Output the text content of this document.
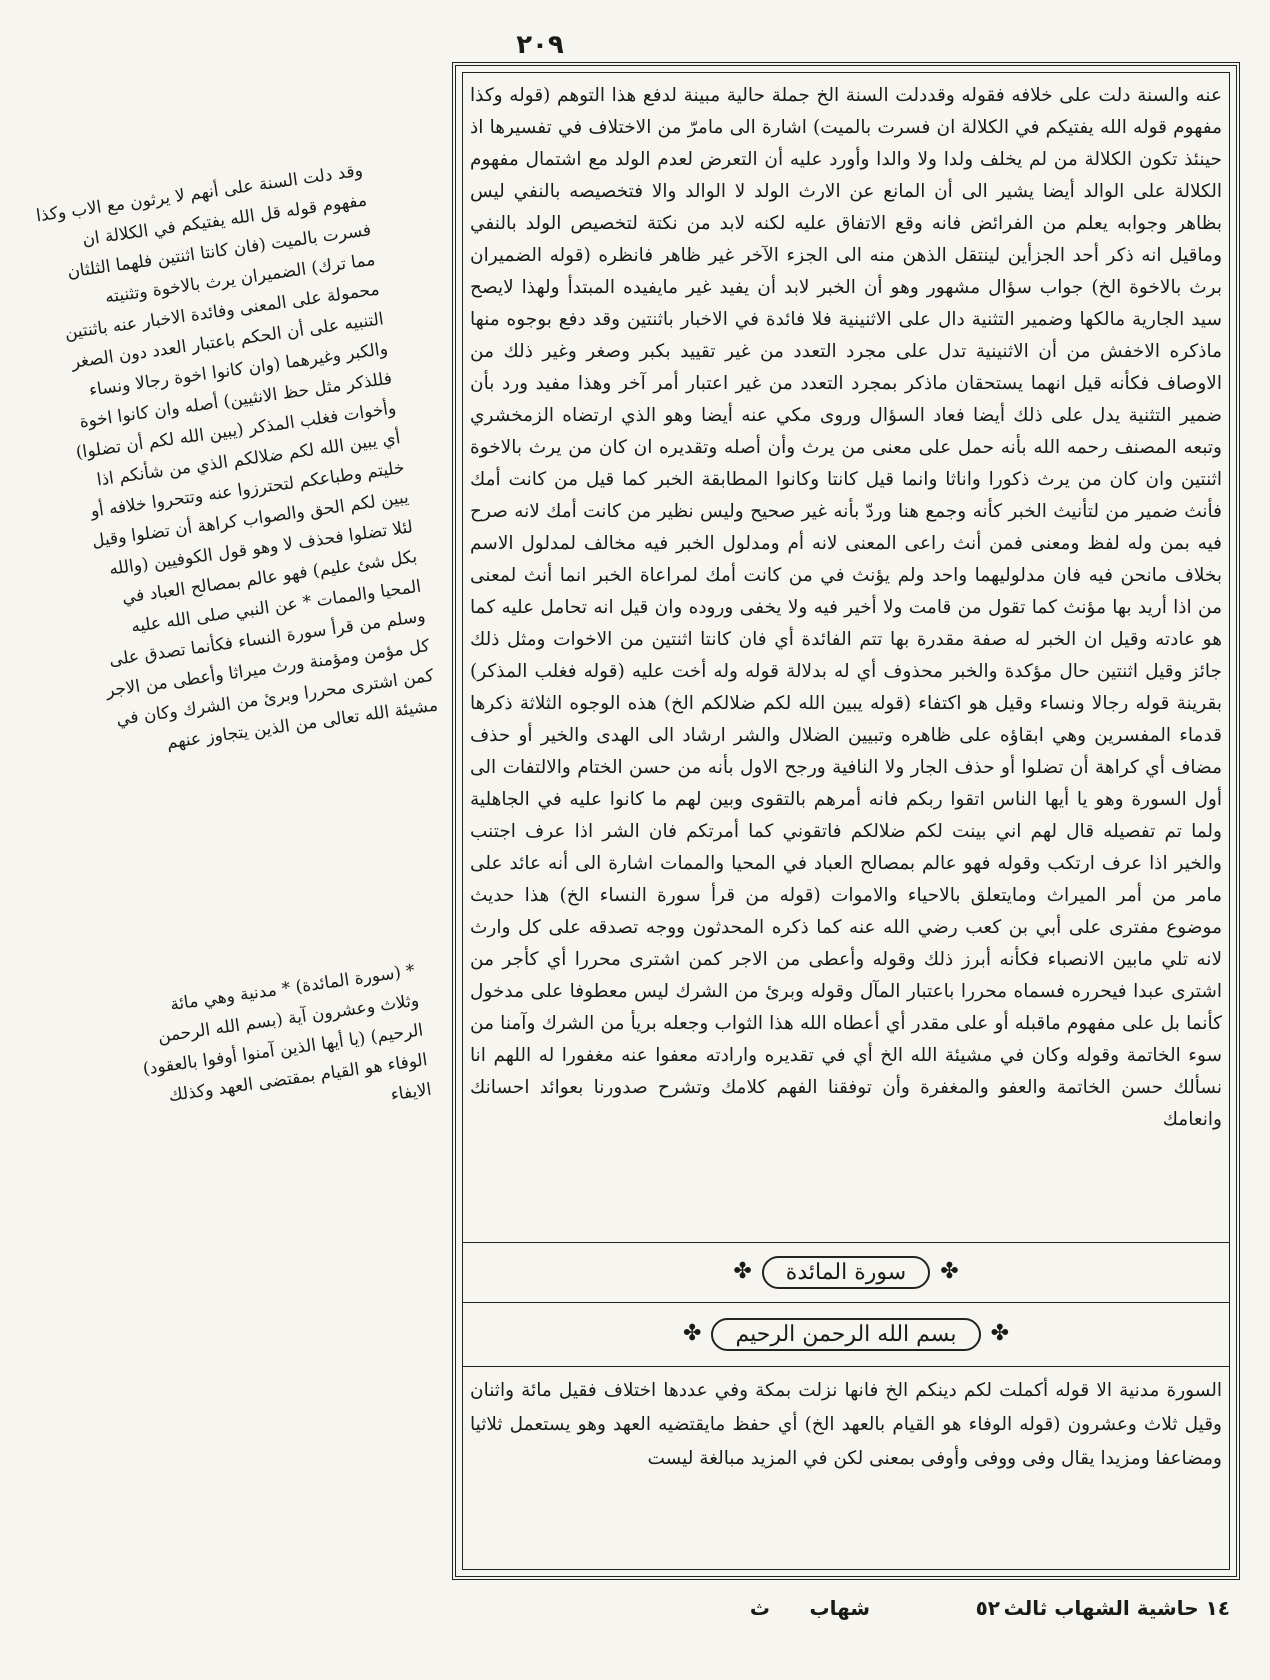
٢٠٩

عنه والسنة دلت على خلافه فقوله وقددلت السنة الخ جملة حالية مبينة لدفع هذا التوهم (قوله وكذا مفهوم قوله الله يفتيكم في الكلالة ان فسرت بالميت) اشارة الى مامرّ من الاختلاف في تفسيرها اذ حينئذ تكون الكلالة من لم يخلف ولدا ولا والدا وأورد عليه أن التعرض لعدم الولد مع اشتمال مفهوم الكلالة على الوالد أيضا يشير الى أن المانع عن الارث الولد لا الوالد والا فتخصيصه بالنفي ليس بظاهر وجوابه يعلم من الفرائض فانه وقع الاتفاق عليه لكنه لابد من نكتة لتخصيص الولد بالنفي وماقيل انه ذكر أحد الجزأين لينتقل الذهن منه الى الجزء الآخر غير ظاهر فانظره (قوله الضميران برث بالاخوة الخ) جواب سؤال مشهور وهو أن الخبر لابد أن يفيد غير مايفيده المبتدأ ولهذا لايصح سيد الجارية مالكها وضمير التثنية دال على الاثنينية فلا فائدة في الاخبار باثنتين وقد دفع بوجوه منها ماذكره الاخفش من أن الاثنينية تدل على مجرد التعدد من غير تقييد بكبر وصغر وغير ذلك من الاوصاف فكأنه قيل انهما يستحقان ماذكر بمجرد التعدد من غير اعتبار أمر آخر وهذا مفيد ورد بأن ضمير التثنية يدل على ذلك أيضا فعاد السؤال وروى مكي عنه أيضا وهو الذي ارتضاه الزمخشري وتبعه المصنف رحمه الله بأنه حمل على معنى من يرث وأن أصله وتقديره ان كان من يرث بالاخوة اثنتين وان كان من يرث ذكورا واناثا وانما قيل كانتا وكانوا المطابقة الخبر كما قيل من كانت أمك فأنث ضمير من لتأنيث الخبر كأنه وجمع هنا وردّ بأنه غير صحيح وليس نظير من كانت أمك لانه صرح فيه بمن وله لفظ ومعنى فمن أنث راعى المعنى لانه أم ومدلول الخبر فيه مخالف لمدلول الاسم بخلاف مانحن فيه فان مدلوليهما واحد ولم يؤنث في من كانت أمك لمراعاة الخبر انما أنث لمعنى من اذا أريد بها مؤنث كما تقول من قامت ولا أخير فيه ولا يخفى وروده وان قيل انه تحامل عليه كما هو عادته وقيل ان الخبر له صفة مقدرة بها تتم الفائدة أي فان كانتا اثنتين من الاخوات ومثل ذلك جائز وقيل اثنتين حال مؤكدة والخبر محذوف أي له بدلالة قوله وله أخت عليه (قوله فغلب المذكر) بقرينة قوله رجالا ونساء وقيل هو اكتفاء (قوله يبين الله لكم ضلالكم الخ) هذه الوجوه الثلاثة ذكرها قدماء المفسرين وهي ابقاؤه على ظاهره وتبيين الضلال والشر ارشاد الى الهدى والخير أو حذف مضاف أي كراهة أن تضلوا أو حذف الجار ولا النافية ورجح الاول بأنه من حسن الختام والالتفات الى أول السورة وهو يا أيها الناس اتقوا ربكم فانه أمرهم بالتقوى وبين لهم ما كانوا عليه في الجاهلية ولما تم تفصيله قال لهم اني بينت لكم ضلالكم فاتقوني كما أمرتكم فان الشر اذا عرف اجتنب والخير اذا عرف ارتكب وقوله فهو عالم بمصالح العباد في المحيا والممات اشارة الى أنه عائد على مامر من أمر الميراث ومايتعلق بالاحياء والاموات (قوله من قرأ سورة النساء الخ) هذا حديث موضوع مفترى على أبي بن كعب رضي الله عنه كما ذكره المحدثون ووجه تصدقه على كل وارث لانه تلي مابين الانصباء فكأنه أبرز ذلك وقوله وأعطى من الاجر كمن اشترى محررا أي كأجر من اشترى عبدا فيحرره فسماه محررا باعتبار المآل وقوله وبرئ من الشرك ليس معطوفا على مدخول كأنما بل على مفهوم ماقبله أو على مقدر أي أعطاه الله هذا الثواب وجعله بريأ من الشرك وآمنا من سوء الخاتمة وقوله وكان في مشيئة الله الخ أي في تقديره وارادته معفوا عنه مغفورا له اللهم انا نسألك حسن الخاتمة والعفو والمغفرة وأن توفقنا الفهم كلامك وتشرح صدورنا بعوائد احسانك وانعامك

✤	سورة المائدة	✤
✤	بسم الله الرحمن الرحيم	✤

السورة مدنية الا قوله أكملت لكم دينكم الخ فانها نزلت بمكة وفي عددها اختلاف فقيل مائة واثنان وقيل ثلاث وعشرون (قوله الوفاء هو القيام بالعهد الخ) أي حفظ مايقتضيه العهد وهو يستعمل ثلاثيا ومضاعفا ومزيدا يقال وفى ووفى وأوفى بمعنى لكن في المزيد مبالغة ليست

وقد دلت السنة على أنهم لا يرثون مع الاب وكذا مفهوم قوله قل الله يفتيكم في الكلالة ان فسرت بالميت (فان كانتا اثنتين فلهما الثلثان مما ترك) الضميران يرث بالاخوة وتثنيته محمولة على المعنى وفائدة الاخبار عنه باثنتين التنبيه على أن الحكم باعتبار العدد دون الصغر والكبر وغيرهما (وان كانوا اخوة رجالا ونساء فللذكر مثل حظ الانثيين) أصله وان كانوا اخوة وأخوات فغلب المذكر (يبين الله لكم أن تضلوا) أي يبين الله لكم ضلالكم الذي من شأنكم اذا خليتم وطباعكم لتحترزوا عنه وتتحروا خلافه أو يبين لكم الحق والصواب كراهة أن تضلوا وقيل لئلا تضلوا فحذف لا وهو قول الكوفيين (والله بكل شئ عليم) فهو عالم بمصالح العباد في المحيا والممات * عن النبي صلى الله عليه وسلم من قرأ سورة النساء فكأنما تصدق على كل مؤمن ومؤمنة ورث ميراثا وأعطى من الاجر كمن اشترى محررا وبرئ من الشرك وكان في مشيئة الله تعالى من الذين يتجاوز عنهم
* (سورة المائدة) * مدنية وهي مائة وثلاث وعشرون آية (بسم الله الرحمن الرحيم) (يا أيها الذين آمنوا أوفوا بالعقود) الوفاء هو القيام بمقتضى العهد وكذلك الايفاء
١٤ حاشية الشهاب ثالث
٥٢
شهاب
ث
